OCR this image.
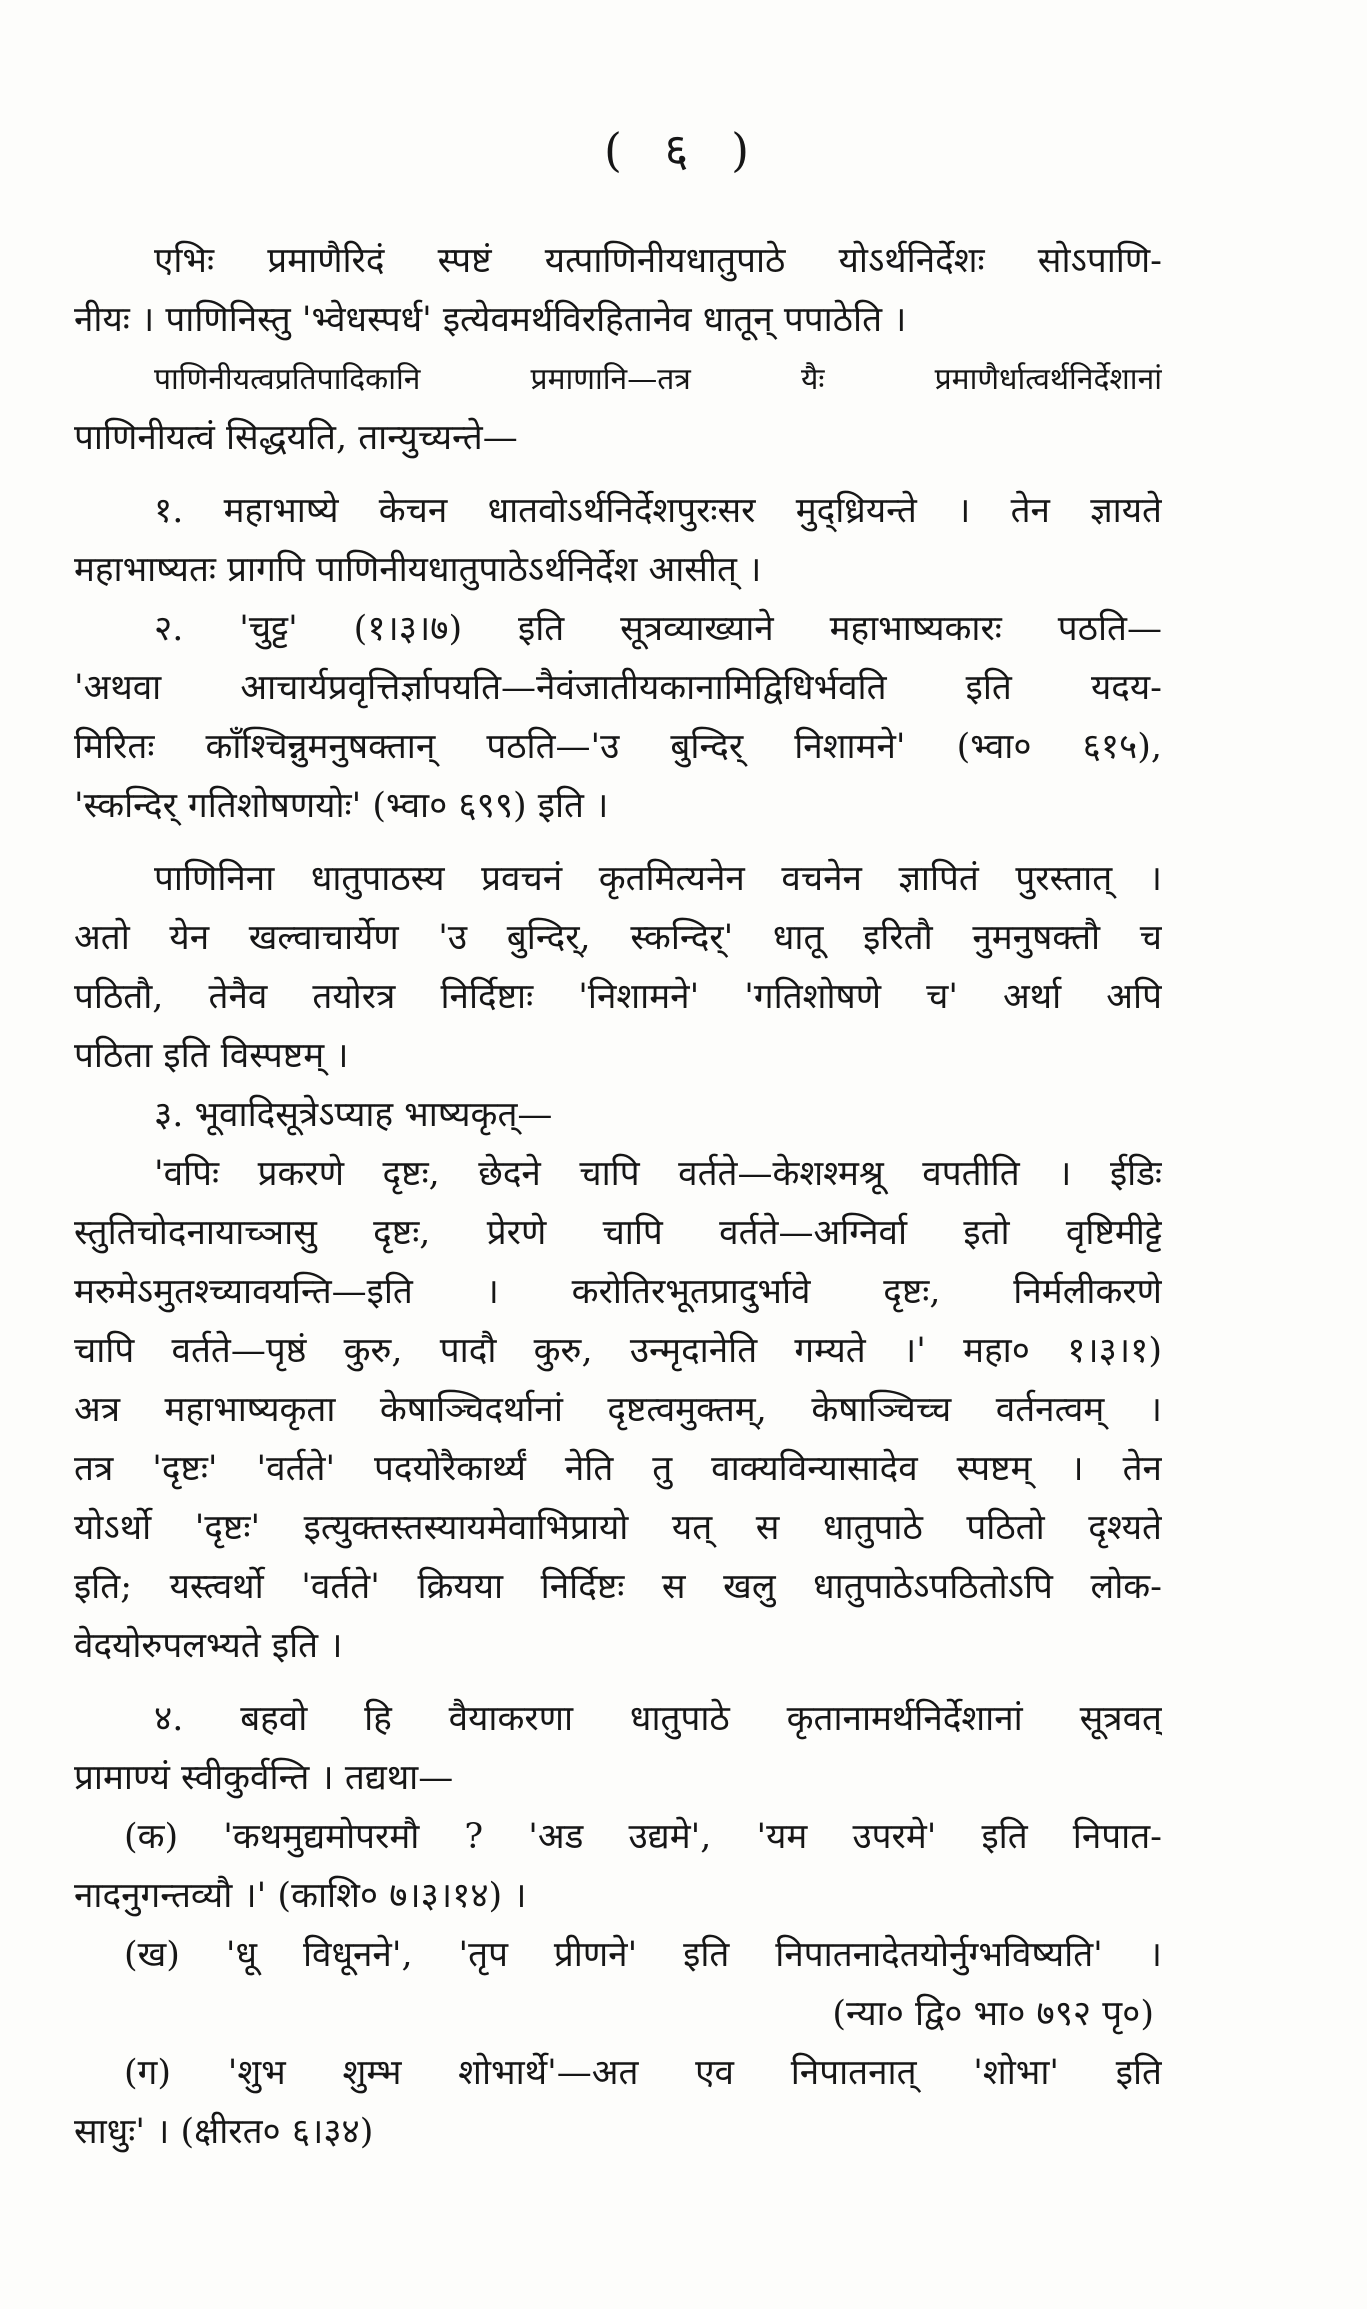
( ६ )
एभिः प्रमाणैरिदं स्पष्टं यत्पाणिनीयधातुपाठे योऽर्थनिर्देशः सोऽपाणि-
नीयः । पाणिनिस्तु 'भ्वेधस्पर्ध' इत्येवमर्थविरहितानेव धातून् पपाठेति ।
पाणिनीयत्वप्रतिपादिकानि प्रमाणानि—तत्र यैः प्रमाणैर्धात्वर्थनिर्देशानां
पाणिनीयत्वं सिद्धयति, तान्युच्यन्ते—
१. महाभाष्ये केचन धातवोऽर्थनिर्देशपुरःसर मुद्ध्रियन्ते । तेन ज्ञायते
महाभाष्यतः प्रागपि पाणिनीयधातुपाठेऽर्थनिर्देश आसीत् ।
२. 'चुट्ट' (१।३।७) इति सूत्रव्याख्याने महाभाष्यकारः पठति—
'अथवा आचार्यप्रवृत्तिर्ज्ञापयति—नैवंजातीयकानामिद्विधिर्भवति इति यदय-
मिरितः काँश्चिन्नुमनुषक्तान् पठति—'उ बुन्दिर् निशामने' (भ्वा० ६१५),
'स्कन्दिर् गतिशोषणयोः' (भ्वा० ६९९) इति ।
पाणिनिना धातुपाठस्य प्रवचनं कृतमित्यनेन वचनेन ज्ञापितं पुरस्तात् ।
अतो येन खल्वाचार्येण 'उ बुन्दिर्, स्कन्दिर्' धातू इरितौ नुमनुषक्तौ च
पठितौ, तेनैव तयोरत्र निर्दिष्टाः 'निशामने' 'गतिशोषणे च' अर्था अपि
पठिता इति विस्पष्टम् ।
३. भूवादिसूत्रेऽप्याह भाष्यकृत्—
'वपिः प्रकरणे दृष्टः, छेदने चापि वर्तते—केशश्मश्रू वपतीति । ईडिः
स्तुतिचोदनायाच्ञासु दृष्टः, प्रेरणे चापि वर्तते—अग्निर्वा इतो वृष्टिमीट्टे
मरुमेऽमुतश्च्यावयन्ति—इति । करोतिरभूतप्रादुर्भावे दृष्टः, निर्मलीकरणे
चापि वर्तते—पृष्ठं कुरु, पादौ कुरु, उन्मृदानेति गम्यते ।' महा० १।३।१)
अत्र महाभाष्यकृता केषाञ्चिदर्थानां दृष्टत्वमुक्तम्, केषाञ्चिच्च वर्तनत्वम् ।
तत्र 'दृष्टः' 'वर्तते' पदयोरैकार्थ्यं नेति तु वाक्यविन्यासादेव स्पष्टम् । तेन
योऽर्थो 'दृष्टः' इत्युक्तस्तस्यायमेवाभिप्रायो यत् स धातुपाठे पठितो दृश्यते
इति; यस्त्वर्थो 'वर्तते' क्रियया निर्दिष्टः स खलु धातुपाठेऽपठितोऽपि लोक-
वेदयोरुपलभ्यते इति ।
४. बहवो हि वैयाकरणा धातुपाठे कृतानामर्थनिर्देशानां सूत्रवत्
प्रामाण्यं स्वीकुर्वन्ति । तद्यथा—
(क) 'कथमुद्यमोपरमौ ? 'अड उद्यमे', 'यम उपरमे' इति निपात-
नादनुगन्तव्यौ ।' (काशि० ७।३।१४) ।
(ख) 'धू विधूनने', 'तृप प्रीणने' इति निपातनादेतयोर्नुग्भविष्यति' ।
(न्या० द्वि० भा० ७९२ पृ०)
(ग) 'शुभ शुम्भ शोभार्थे'—अत एव निपातनात् 'शोभा' इति
साधुः' । (क्षीरत० ६।३४)
